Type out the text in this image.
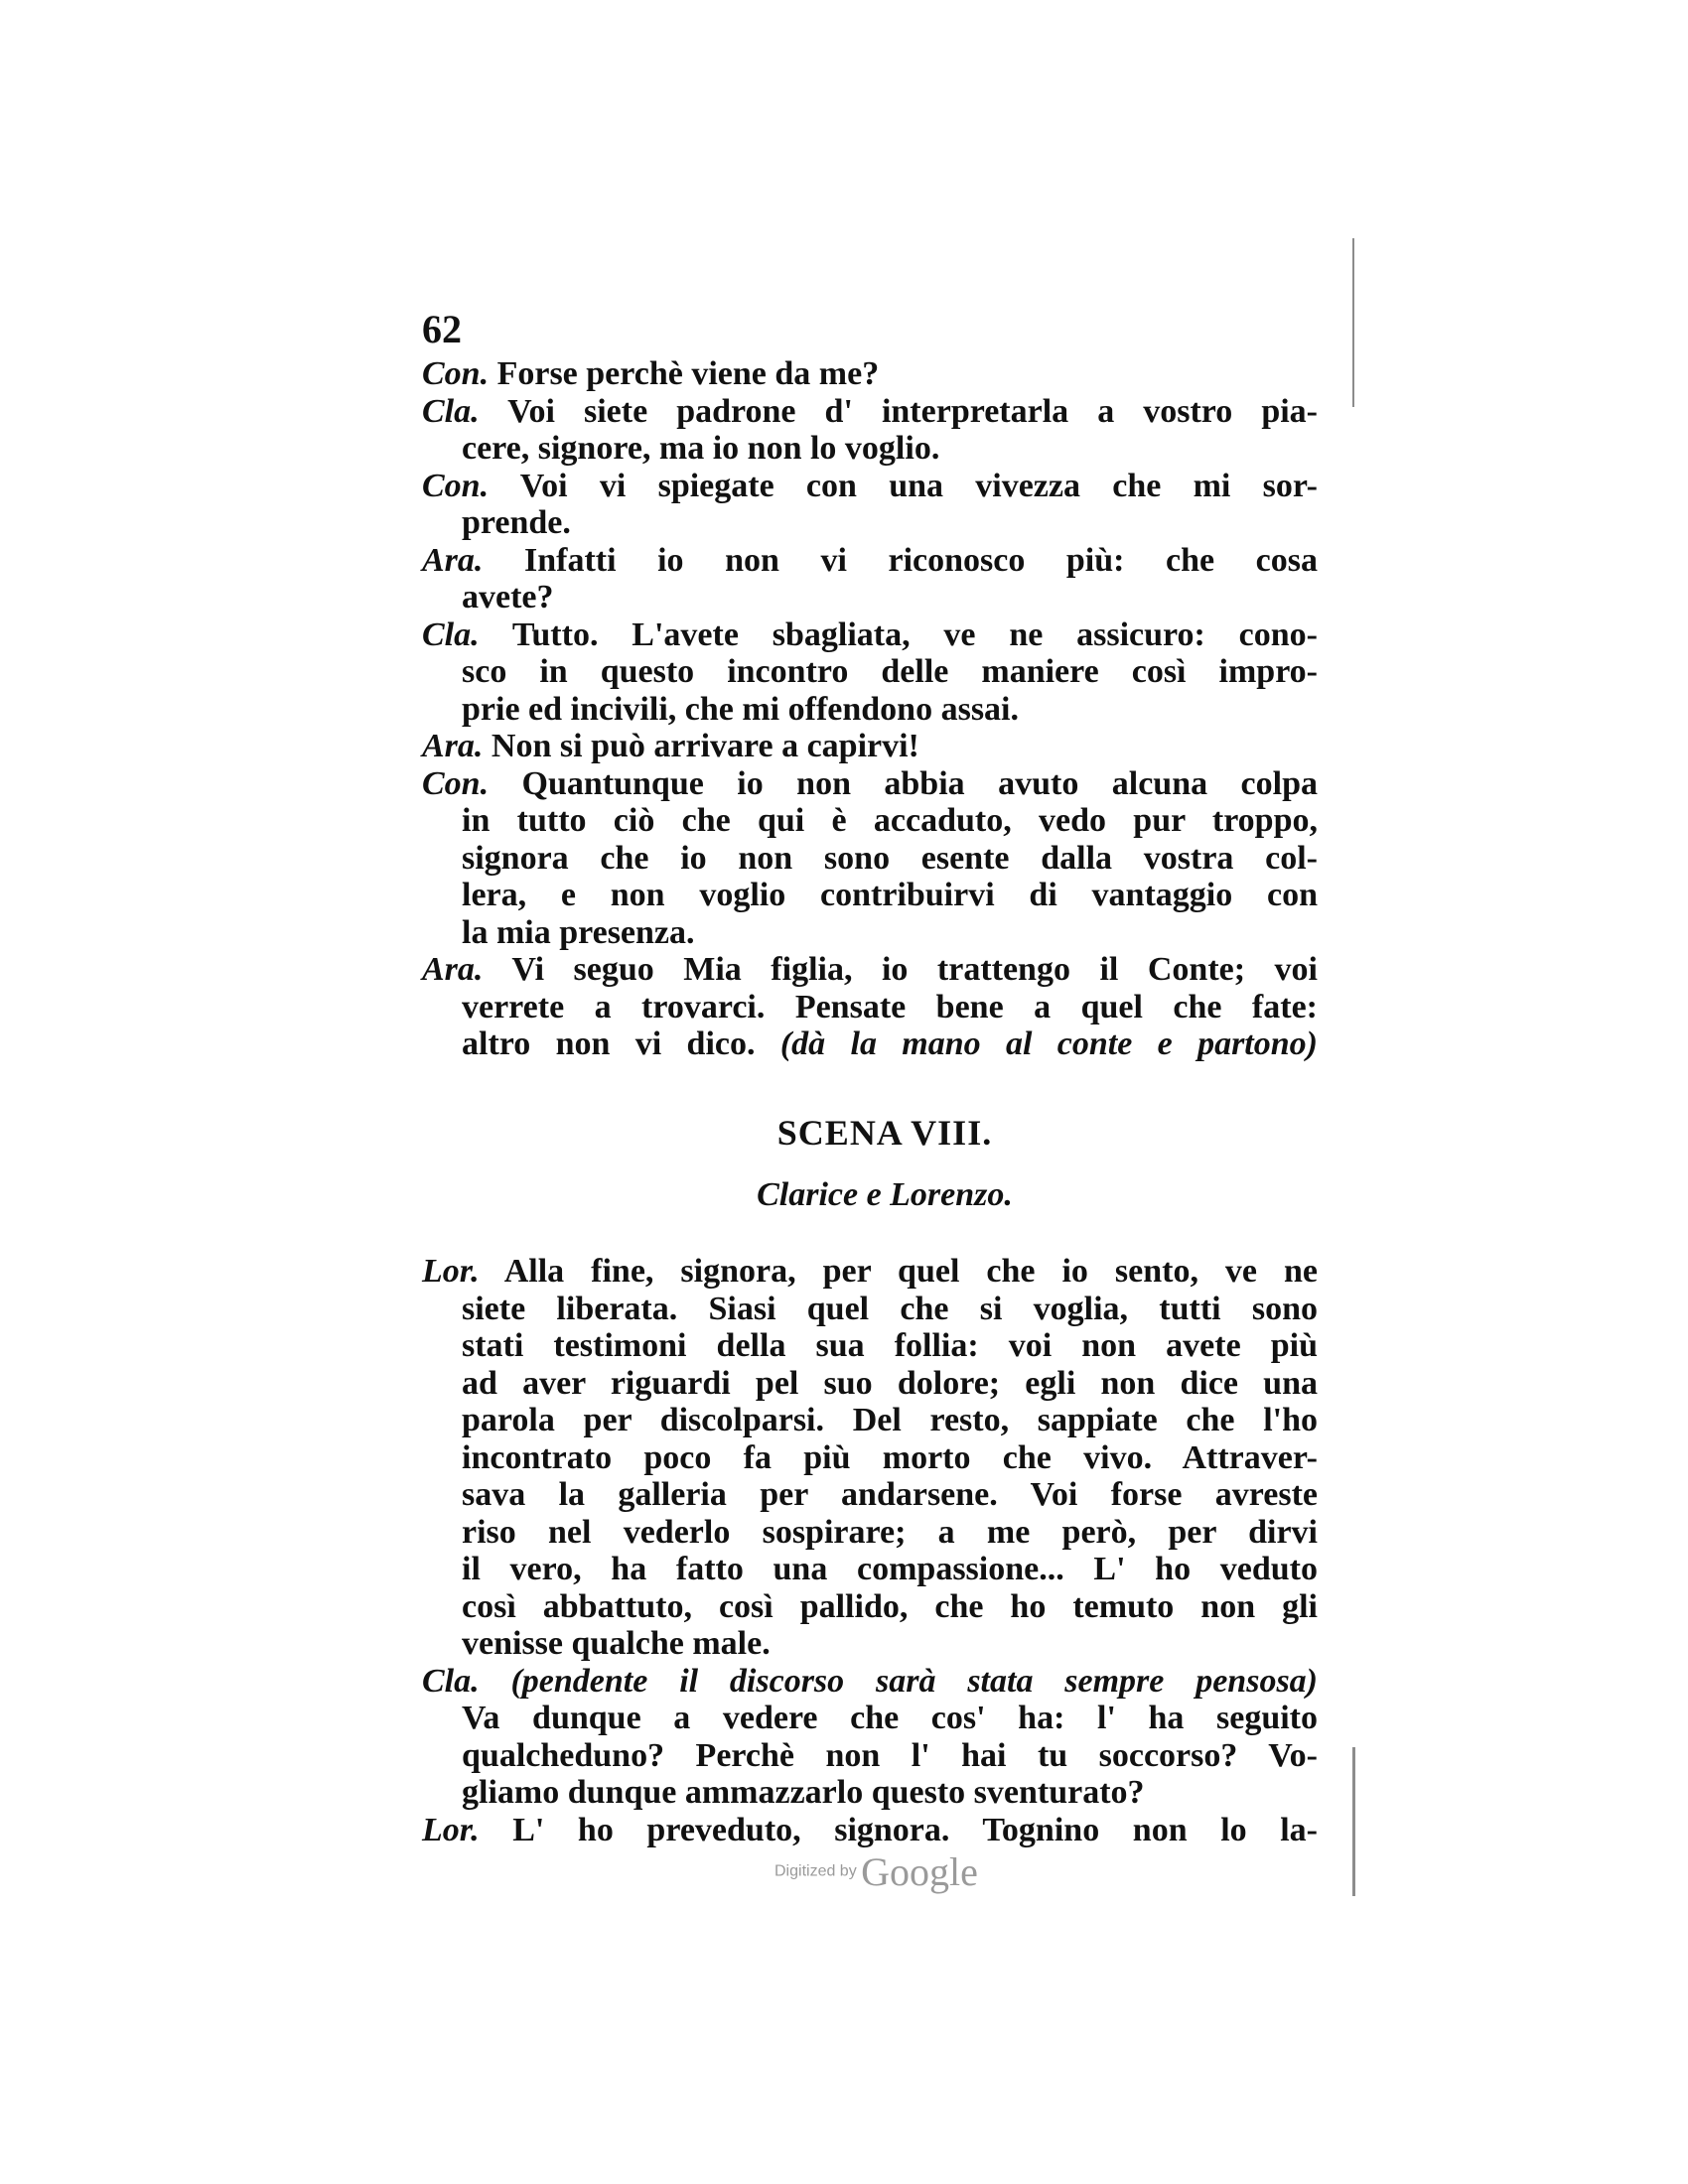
62
Con. Forse perchè viene da me?
Cla. Voi siete padrone d' interpretarla a vostro pia-
cere, signore, ma io non lo voglio.
Con. Voi vi spiegate con una vivezza che mi sor-
prende.
Ara. Infatti io non vi riconosco più: che cosa
avete?
Cla. Tutto. L'avete sbagliata, ve ne assicuro: cono-
sco in questo incontro delle maniere così impro-
prie ed incivili, che mi offendono assai.
Ara. Non si può arrivare a capirvi!
Con. Quantunque io non abbia avuto alcuna colpa
in tutto ciò che qui è accaduto, vedo pur troppo,
signora che io non sono esente dalla vostra col-
lera, e non voglio contribuirvi di vantaggio con
la mia presenza.
Ara. Vi seguo Mia figlia, io trattengo il Conte; voi
verrete a trovarci. Pensate bene a quel che fate:
altro non vi dico. (dà la mano al conte e partono)
SCENA VIII.
Clarice e Lorenzo.
Lor. Alla fine, signora, per quel che io sento, ve ne
siete liberata. Siasi quel che si voglia, tutti sono
stati testimoni della sua follia: voi non avete più
ad aver riguardi pel suo dolore; egli non dice una
parola per discolparsi. Del resto, sappiate che l'ho
incontrato poco fa più morto che vivo. Attraver-
sava la galleria per andarsene. Voi forse avreste
riso nel vederlo sospirare; a me però, per dirvi
il vero, ha fatto una compassione... L' ho veduto
così abbattuto, così pallido, che ho temuto non gli
venisse qualche male.
Cla. (pendente il discorso sarà stata sempre pensosa)
Va dunque a vedere che cos' ha: l' ha seguito
qualcheduno? Perchè non l' hai tu soccorso? Vo-
gliamo dunque ammazzarlo questo sventurato?
Lor. L' ho preveduto, signora. Tognino non lo la-
Digitized by Google
